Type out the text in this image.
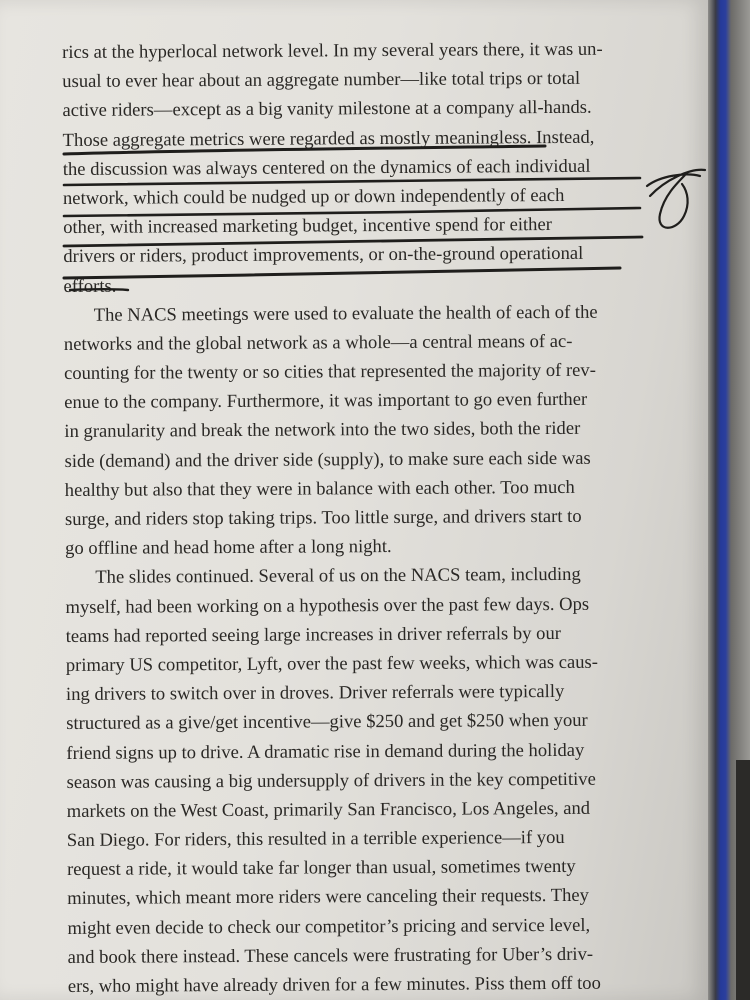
rics at the hyperlocal network level. In my several years there, it was un-
usual to ever hear about an aggregate number—like total trips or total
active riders—except as a big vanity milestone at a company all-hands.
Those aggregate metrics were regarded as mostly meaningless. Instead,
the discussion was always centered on the dynamics of each individual
network, which could be nudged up or down independently of each
other, with increased marketing budget, incentive spend for either
drivers or riders, product improvements, or on-the-ground operational
efforts.
The NACS meetings were used to evaluate the health of each of the
networks and the global network as a whole—a central means of ac-
counting for the twenty or so cities that represented the majority of rev-
enue to the company. Furthermore, it was important to go even further
in granularity and break the network into the two sides, both the rider
side (demand) and the driver side (supply), to make sure each side was
healthy but also that they were in balance with each other. Too much
surge, and riders stop taking trips. Too little surge, and drivers start to
go offline and head home after a long night.
The slides continued. Several of us on the NACS team, including
myself, had been working on a hypothesis over the past few days. Ops
teams had reported seeing large increases in driver referrals by our
primary US competitor, Lyft, over the past few weeks, which was caus-
ing drivers to switch over in droves. Driver referrals were typically
structured as a give/get incentive—give $250 and get $250 when your
friend signs up to drive. A dramatic rise in demand during the holiday
season was causing a big undersupply of drivers in the key competitive
markets on the West Coast, primarily San Francisco, Los Angeles, and
San Diego. For riders, this resulted in a terrible experience—if you
request a ride, it would take far longer than usual, sometimes twenty
minutes, which meant more riders were canceling their requests. They
might even decide to check our competitor’s pricing and service level,
and book there instead. These cancels were frustrating for Uber’s driv-
ers, who might have already driven for a few minutes. Piss them off too
